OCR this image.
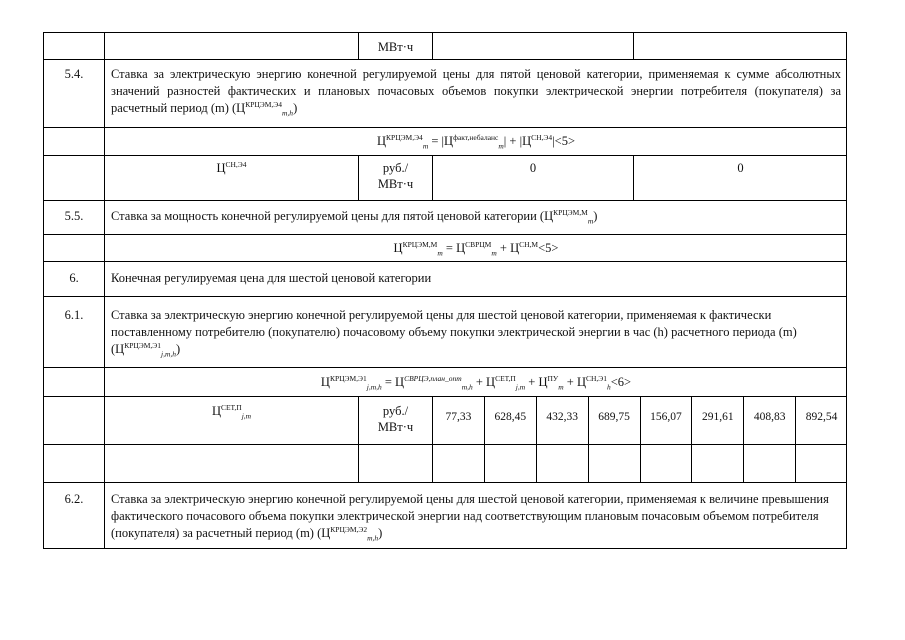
МВт·ч
5.4.	Ставка за электрическую энергию конечной регулируемой цены для пятой ценовой категории, применяемая к сумме абсолютных значений разностей фактических и плановых почасовых объемов покупки электрической энергии потребителя (покупателя) за расчетный период (m) $(Ц^{КРЦЭМ,Э4}_{m,h})$
$Ц^{КРЦЭМ,Э4}_m = |Ц^{факт,небаланс}_m| + |Ц^{СН,Э4}|<5>$
$Ц^{СН,Э4}$	руб./
МВт·ч
0	0
5.5.	Ставка за мощность конечной регулируемой цены для пятой ценовой категории $(Ц^{КРЦЭМ,М}_m)$
$Ц^{КРЦЭМ,М}_m = Ц^{СВРЦМ}_m + Ц^{СН,М}<5>$
6.	Конечная регулируемая цена для шестой ценовой категории
6.1.	Ставка за электрическую энергию конечной регулируемой цены для шестой ценовой категории, применяемая к фактически поставленному потребителю (покупателю) почасовому объему покупки электрической энергии в час (h) расчетного периода (m) $(Ц^{КРЦЭМ,Э1}_{j,m,h})$
$Ц^{КРЦЭМ,Э1}_{j,m,h} = Ц^{СВРЦЭ,план\_опт}_{m,h} + Ц^{СЕТ,П}_{j,m} + Ц^{ПУ}_m + Ц^{СН,Э1}_h<6>$
$Ц^{СЕТ,П}_{j,m}$	руб./
МВт·ч
77,33	628,45	432,33	689,75	156,07	291,61	408,83	892,54
6.2.	Ставка за электрическую энергию конечной регулируемой цены для шестой ценовой категории, применяемая к величине превышения фактического почасового объема покупки электрической энергии над соответствующим плановым почасовым объемом потребителя (покупателя) за расчетный период (m) $(Ц^{КРЦЭМ,Э2}_{m,h})$
